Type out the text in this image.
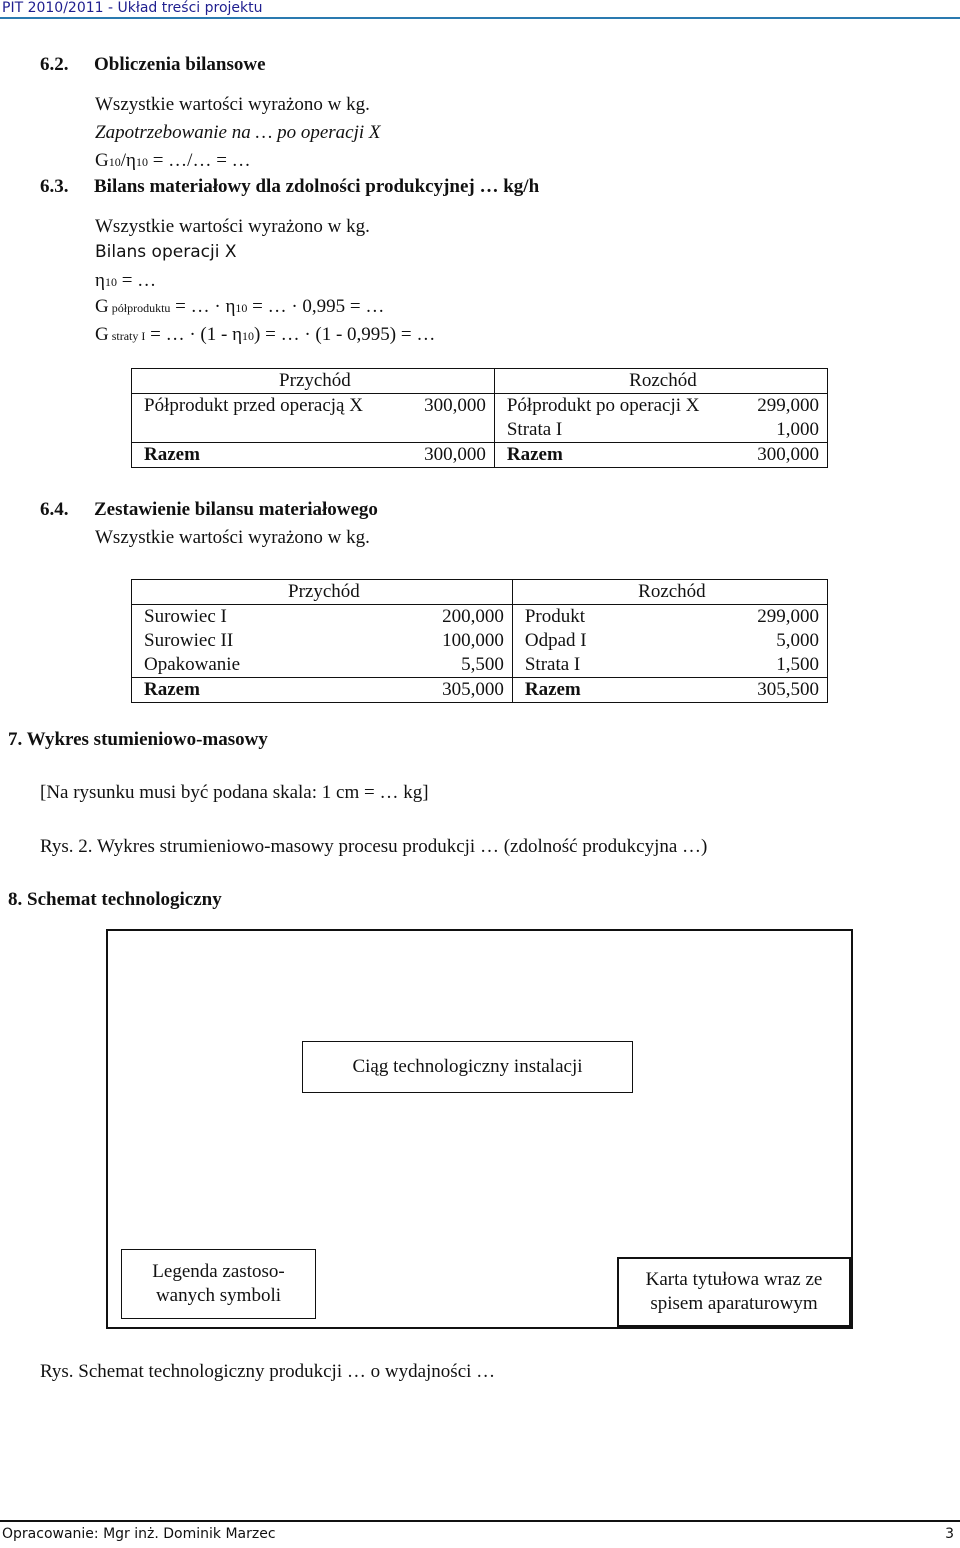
PIT 2010/2011 - Układ treści projektu
6.2. Obliczenia bilansowe
Wszystkie wartości wyrażono w kg.
Zapotrzebowanie na … po operacji X
G10/η10 = …/… = …
6.3. Bilans materiałowy dla zdolności produkcyjnej … kg/h
Wszystkie wartości wyrażono w kg.
Bilans operacji X
η10 = …
G półproduktu = … · η10 = … · 0,995 = …
G straty I = … · (1 - η10) = … · (1 - 0,995) = …
Przychód		Rozchód	
Półprodukt przed operacją X	300,000	Półprodukt po operacji X	299,000
		Strata I	1,000
Razem	300,000	Razem	300,000
6.4. Zestawienie bilansu materiałowego
Wszystkie wartości wyrażono w kg.
Przychód		Rozchód	
Surowiec I	200,000	Produkt	299,000
Surowiec II	100,000	Odpad I	5,000
Opakowanie	5,500	Strata I	1,500
Razem	305,000	Razem	305,500
7. Wykres stumieniowo-masowy
[Na rysunku musi być podana skala: 1 cm = … kg]
Rys. 2. Wykres strumieniowo-masowy procesu produkcji … (zdolność produkcyjna …)
8. Schemat technologiczny
Ciąg technologiczny instalacji
Legenda zastoso-
wanych symboli
Karta tytułowa wraz ze
spisem aparaturowym
Rys. Schemat technologiczny produkcji … o wydajności …
Opracowanie: Mgr inż. Dominik Marzec	3
